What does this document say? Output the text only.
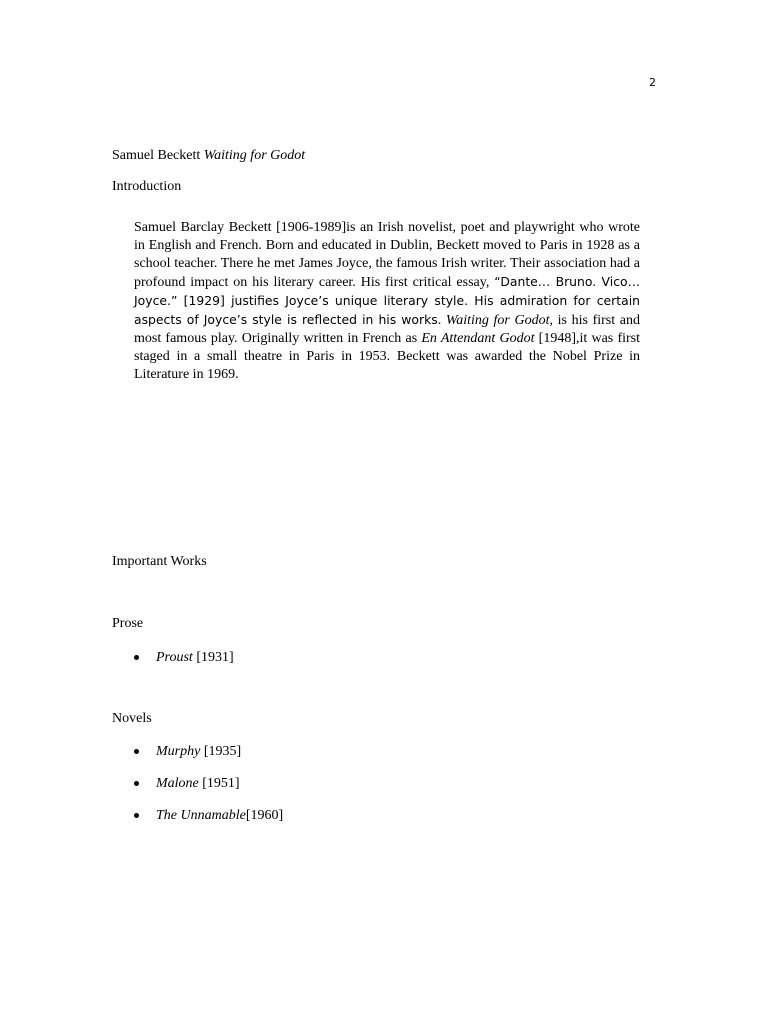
2

Samuel Beckett Waiting for Godot

Introduction

Samuel Barclay Beckett [1906-1989]is an Irish novelist, poet and playwright who wrote in English and French. Born and educated in Dublin, Beckett moved to Paris in 1928 as a school teacher. There he met James Joyce, the famous Irish writer. Their association had a profound impact on his literary career. His first critical essay, “Dante… Bruno. Vico…Joyce.” [1929] justifies Joyce’s unique literary style. His admiration for certain aspects of Joyce’s style is reflected in his works. Waiting for Godot, is his first and most famous play. Originally written in French as En Attendant Godot [1948],it was first staged in a small theatre in Paris in 1953. Beckett was awarded the Nobel Prize in Literature in 1969.

Important Works
Prose
Proust [1931]
Novels
Murphy [1935]
Malone [1951]
The Unnamable[1960]
